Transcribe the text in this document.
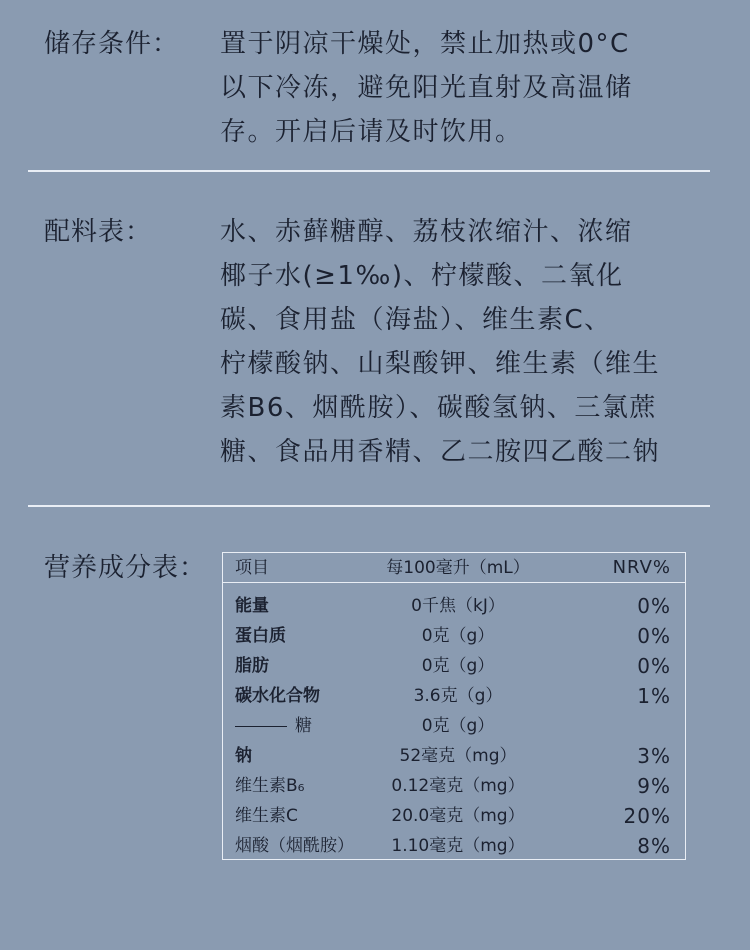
储存条件： 置于阴凉干燥处，禁止加热或0°C
以下冷冻，避免阳光直射及高温储
存。开启后请及时饮用。
配料表：	水、赤藓糖醇、荔枝浓缩汁、浓缩
椰子水(≥1‰)、柠檬酸、二氧化
碳、食用盐（海盐）、维生素C、
柠檬酸钠、山梨酸钾、维生素（维生
素B6、烟酰胺）、碳酸氢钠、三氯蔗
糖、食品用香精、乙二胺四乙酸二钠
营养成分表： 项目	每100毫升（mL）	NRV%
能量	0千焦（kJ）	0%
蛋白质	0克（g）	0%
脂肪	0克（g）	0%
碳水化合物	3.6克（g）	1%
糖	0克（g）
钠	52毫克（mg）	3%
维生素B₆	0.12毫克（mg）	9%
维生素C	20.0毫克（mg）	20%
烟酸（烟酰胺）	1.10毫克（mg）	8%
